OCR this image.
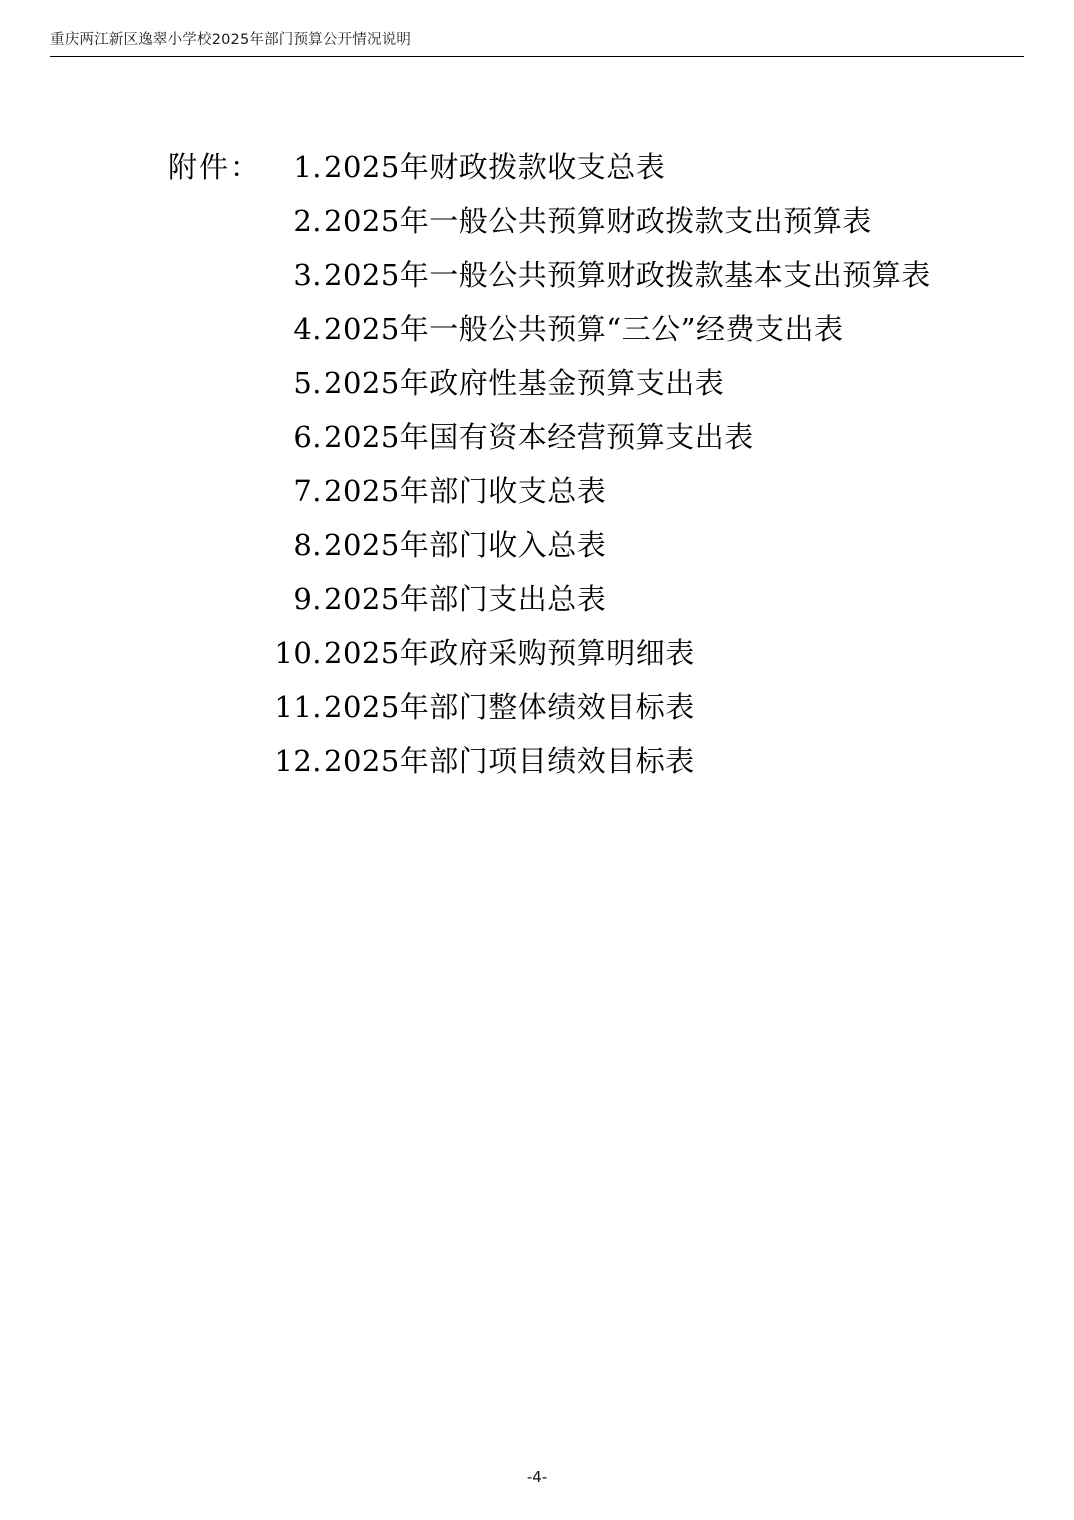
重庆两江新区逸翠小学校2025年部门预算公开情况说明
附件：	1. 2025年财政拨款收支总表
2. 2025年一般公共预算财政拨款支出预算表
3. 2025年一般公共预算财政拨款基本支出预算表
4. 2025年一般公共预算“三公”经费支出表
5. 2025年政府性基金预算支出表
6. 2025年国有资本经营预算支出表
7. 2025年部门收支总表
8. 2025年部门收入总表
9. 2025年部门支出总表
10. 2025年政府采购预算明细表
11. 2025年部门整体绩效目标表
12. 2025年部门项目绩效目标表
-4-
